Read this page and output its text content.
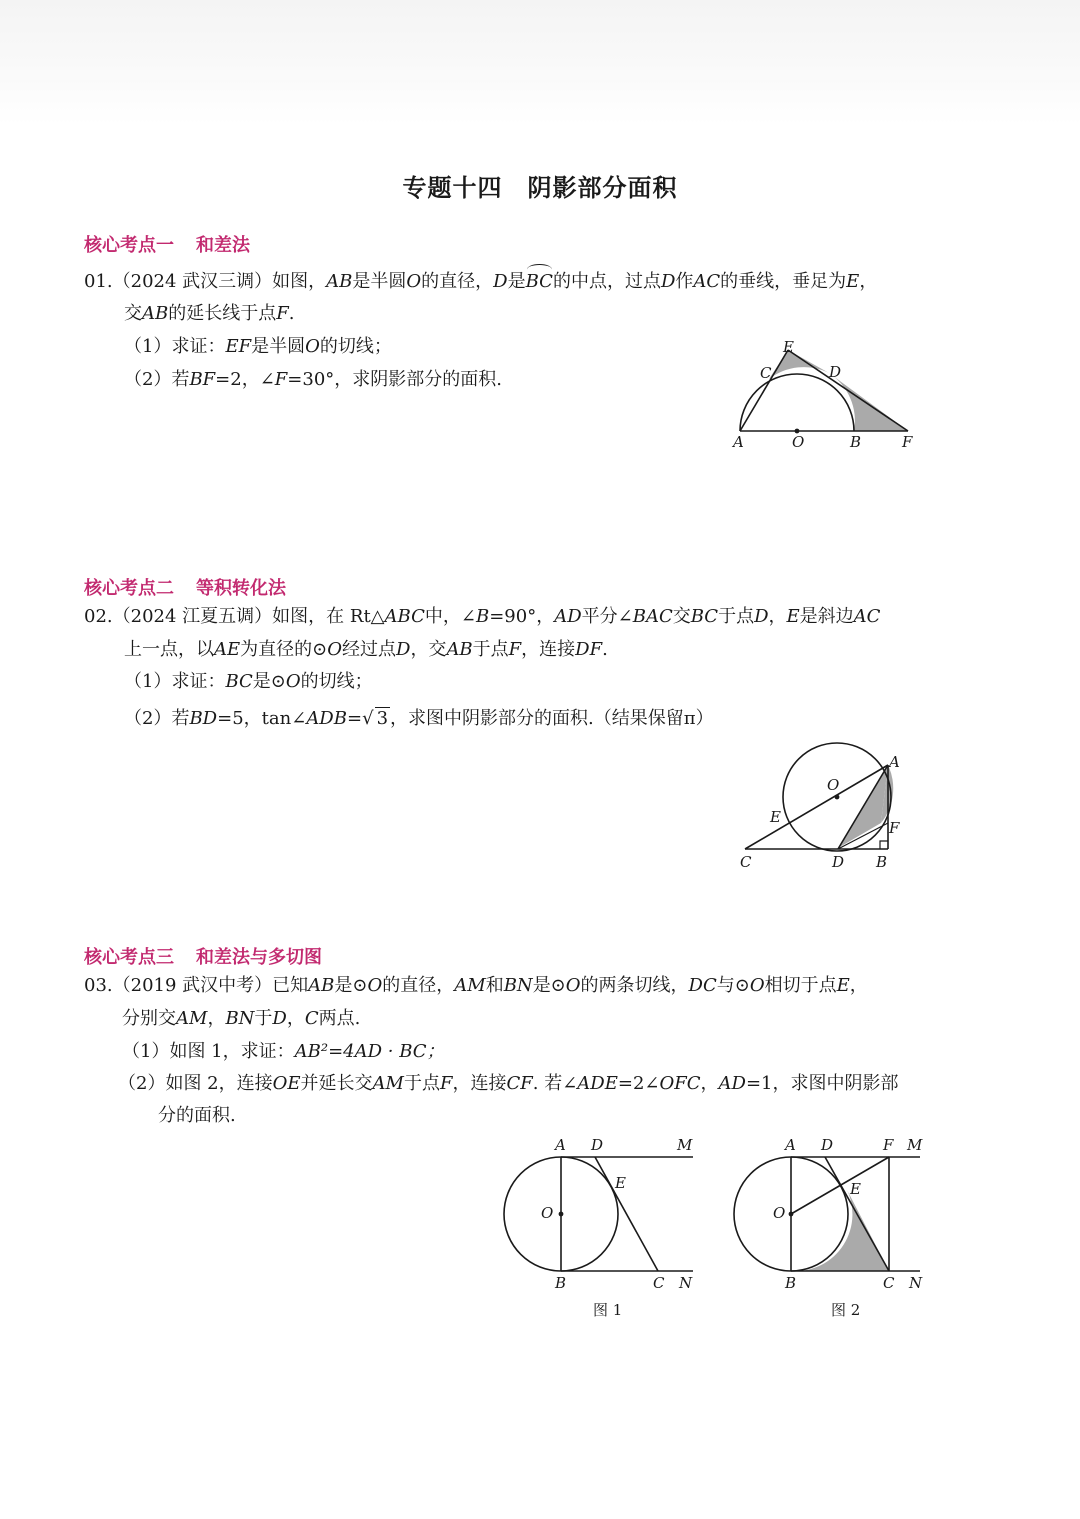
专题十四　阴影部分面积
核心考点一 和差法
01.（2024 武汉三调）如图，AB是半圆O的直径，D是BC的中点，过点D作AC的垂线，垂足为E，
交AB的延长线于点F.
（1）求证：EF是半圆O的切线；
（2）若BF=2，∠F=30°，求阴影部分的面积.
A	O	B	F
C
E
D
核心考点二 等积转化法
02.（2024 江夏五调）如图，在 Rt△ABC中，∠B=90°，AD平分∠BAC交BC于点D，E是斜边AC
上一点，以AE为直径的⊙O经过点D，交AB于点F，连接DF.
（1）求证：BC是⊙O的切线；
（2）若BD=5，tan∠ADB=√ 3 ，求图中阴影部分的面积.（结果保留π）
A
O
E
F
C	D B
核心考点三 和差法与多切图
03.（2019 武汉中考）已知AB是⊙O的直径，AM和BN是⊙O的两条切线，DC与⊙O相切于点E，
分别交AM，BN于D，C两点.
（1）如图 1，求证：AB²=4AD · BC；
（2）如图 2，连接OE并延长交AM于点F，连接CF. 若∠ADE=2∠OFC，AD=1，求图中阴影部
分的面积.
A D	M
E
O
B	C N
图 1
A D	F M
E
O
B	C N
图 2
